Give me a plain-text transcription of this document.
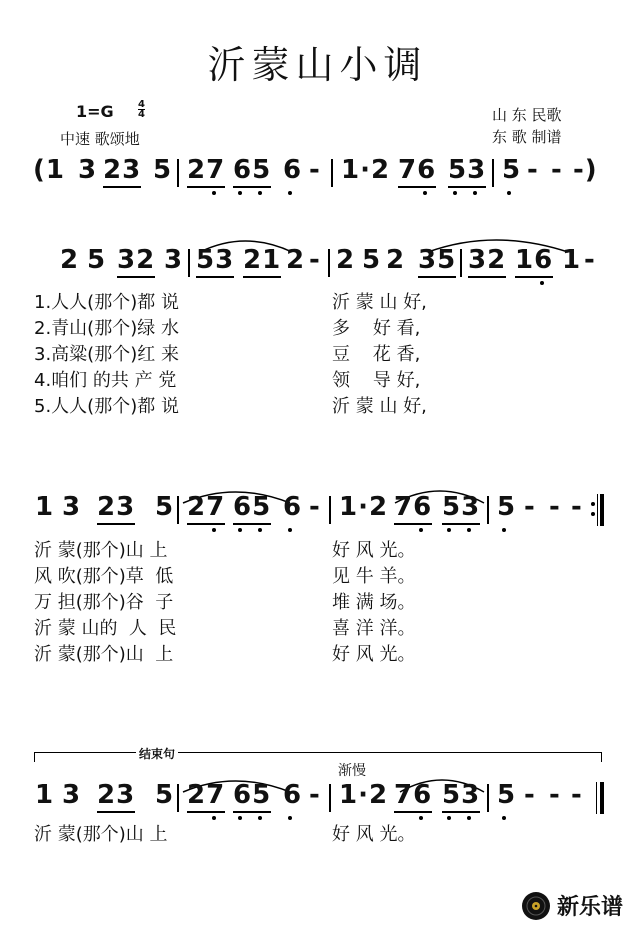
沂蒙山小调
1=G 4
4
中速 歌颂地
山 东 民歌
东 歌 制谱
(1 3 23 5 27 65 6 - 1·2 76 53 5 - - -)
2 5 32 3 53 21 2 - 2 5 2 35 32 16 1 -
1.人人(那个)都 说	沂 蒙 山 好,
2.青山(那个)绿 水	多    好 看,
3.高粱(那个)红 来	豆    花 香,
4.咱们 的共 产 党	领    导 好,
5.人人(那个)都 说	沂 蒙 山 好,
1 3 23 5 27 65 6 - 1·2 76 53 5 - - -
沂 蒙(那个)山 上	好 风 光。
风 吹(那个)草  低	见 牛 羊。
万 担(那个)谷  子	堆 满 场。
沂 蒙 山的  人  民	喜 洋 洋。
沂 蒙(那个)山  上	好 风 光。
结束句
渐慢
1 3 23 5 27 65 6 - 1·2 76 53 5 - - -
沂 蒙(那个)山 上	好 风 光。
新乐谱
